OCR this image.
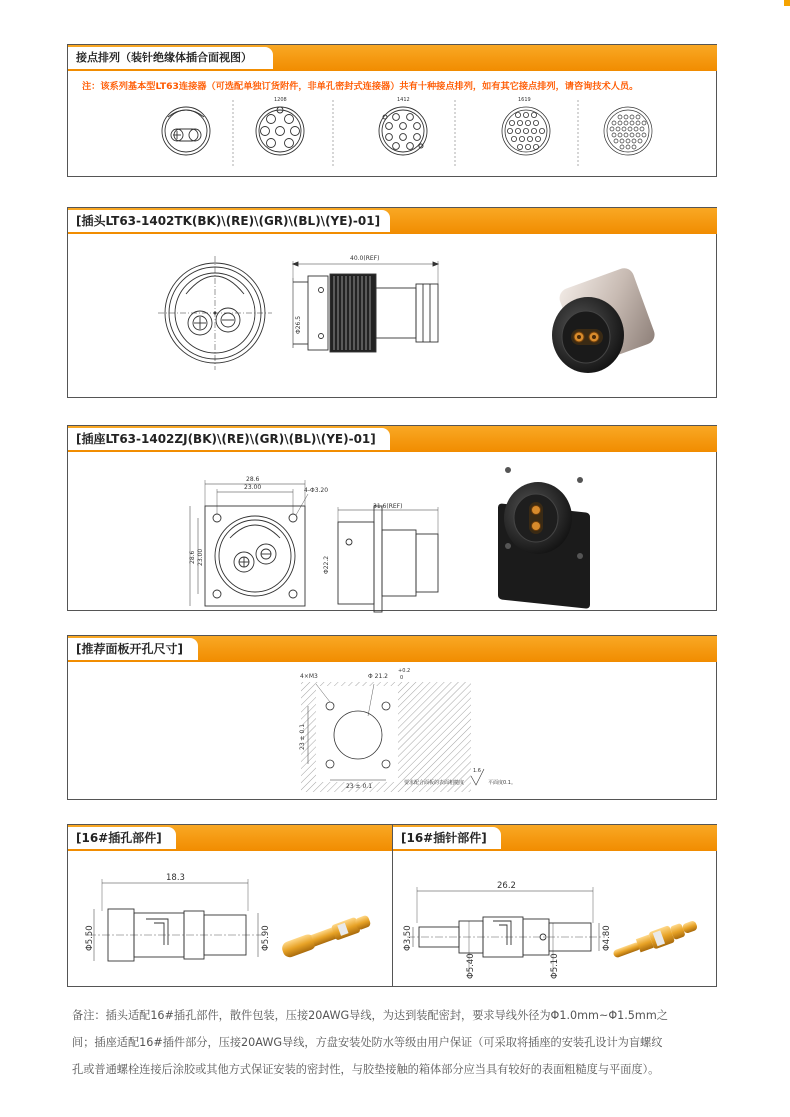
接点排列（装针绝缘体插合面视图）
注：该系列基本型LT63连接器（可选配单独订货附件，非单孔密封式连接器）共有十种接点排列，如有其它接点排列，请咨询技术人员。
1208	1412	1619
[插头LT63-1402TK(BK)\(RE)\(GR)\(BL)\(YE)-01]
40.0(REF)
Φ26.5
[插座LT63-1402ZJ(BK)\(RE)\(GR)\(BL)\(YE)-01]
28.6
23.00	4-Φ3.20
28.6 23.00
31.6(REF)
Φ22.2
[推荐面板开孔尺寸]
4×M3	Φ 21.2
+0.2
0
23 ± 0.1
23 ± 0.1	要求配合面板的表面粗糙度
1.6
平面度0.1。
[16#插孔部件]
18.3
Φ5.50	Φ5.90
[16#插针部件]
26.2
Φ3.50
Φ5.40	Φ5.10
Φ4.80
备注：插头适配16#插孔部件，散件包装，压接20AWG导线，为达到装配密封，要求导线外径为Φ1.0mm~Φ1.5mm之
间；插座适配16#插件部分，压接20AWG导线，方盘安装处防水等级由用户保证（可采取将插座的安装孔设计为盲螺纹
孔或普通螺栓连接后涂胶或其他方式保证安装的密封性，与胶垫接触的箱体部分应当具有较好的表面粗糙度与平面度）。
